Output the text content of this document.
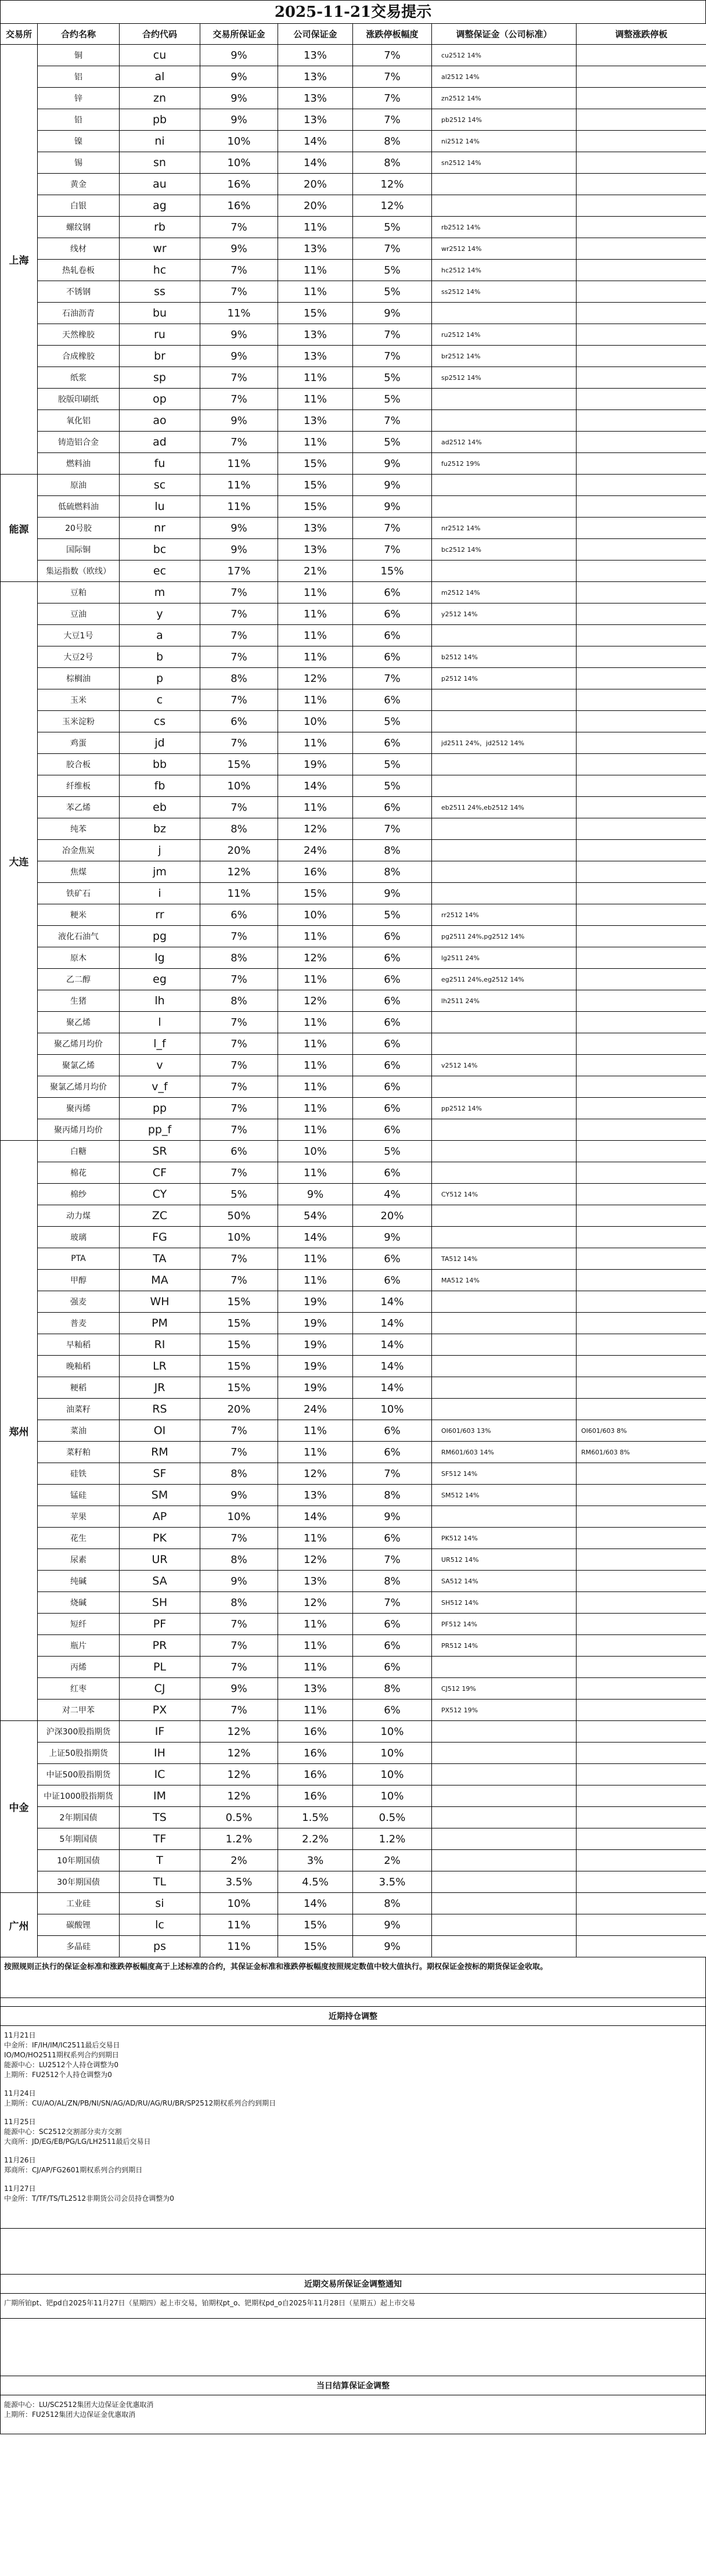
2025-11-21交易提示
交易所	合约名称	合约代码	交易所保证金	公司保证金	涨跌停板幅度	调整保证金（公司标准）	调整涨跌停板
上海	铜	cu	9%	13%	7%	cu2512 14%	
	铝	al	9%	13%	7%	al2512 14%	
	锌	zn	9%	13%	7%	zn2512 14%	
	铅	pb	9%	13%	7%	pb2512 14%	
	镍	ni	10%	14%	8%	ni2512 14%	
	锡	sn	10%	14%	8%	sn2512 14%	
	黄金	au	16%	20%	12%		
	白银	ag	16%	20%	12%		
	螺纹钢	rb	7%	11%	5%	rb2512 14%	
	线材	wr	9%	13%	7%	wr2512 14%	
	热轧卷板	hc	7%	11%	5%	hc2512 14%	
	不锈钢	ss	7%	11%	5%	ss2512 14%	
	石油沥青	bu	11%	15%	9%		
	天然橡胶	ru	9%	13%	7%	ru2512 14%	
	合成橡胶	br	9%	13%	7%	br2512 14%	
	纸浆	sp	7%	11%	5%	sp2512 14%	
	胶版印刷纸	op	7%	11%	5%		
	氧化铝	ao	9%	13%	7%		
	铸造铝合金	ad	7%	11%	5%	ad2512 14%	
	燃料油	fu	11%	15%	9%	fu2512 19%	
能源	原油	sc	11%	15%	9%		
	低硫燃料油	lu	11%	15%	9%		
	20号胶	nr	9%	13%	7%	nr2512 14%	
	国际铜	bc	9%	13%	7%	bc2512 14%	
	集运指数（欧线）	ec	17%	21%	15%		
大连	豆粕	m	7%	11%	6%	m2512 14%	
	豆油	y	7%	11%	6%	y2512 14%	
	大豆1号	a	7%	11%	6%		
	大豆2号	b	7%	11%	6%	b2512 14%	
	棕榈油	p	8%	12%	7%	p2512 14%	
	玉米	c	7%	11%	6%		
	玉米淀粉	cs	6%	10%	5%		
	鸡蛋	jd	7%	11%	6%	jd2511 24%，jd2512 14%	
	胶合板	bb	15%	19%	5%		
	纤维板	fb	10%	14%	5%		
	苯乙烯	eb	7%	11%	6%	eb2511 24%,eb2512 14%	
	纯苯	bz	8%	12%	7%		
	冶金焦炭	j	20%	24%	8%		
	焦煤	jm	12%	16%	8%		
	铁矿石	i	11%	15%	9%		
	粳米	rr	6%	10%	5%	rr2512 14%	
	液化石油气	pg	7%	11%	6%	pg2511 24%,pg2512 14%	
	原木	lg	8%	12%	6%	lg2511 24%	
	乙二醇	eg	7%	11%	6%	eg2511 24%,eg2512 14%	
	生猪	lh	8%	12%	6%	lh2511 24%	
	聚乙烯	l	7%	11%	6%		
	聚乙烯月均价	l_f	7%	11%	6%		
	聚氯乙烯	v	7%	11%	6%	v2512 14%	
	聚氯乙烯月均价	v_f	7%	11%	6%		
	聚丙烯	pp	7%	11%	6%	pp2512 14%	
	聚丙烯月均价	pp_f	7%	11%	6%		
郑州	白糖	SR	6%	10%	5%		
	棉花	CF	7%	11%	6%		
	棉纱	CY	5%	9%	4%	CY512 14%	
	动力煤	ZC	50%	54%	20%		
	玻璃	FG	10%	14%	9%		
	PTA	TA	7%	11%	6%	TA512 14%	
	甲醇	MA	7%	11%	6%	MA512 14%	
	强麦	WH	15%	19%	14%		
	普麦	PM	15%	19%	14%		
	早籼稻	RI	15%	19%	14%		
	晚籼稻	LR	15%	19%	14%		
	粳稻	JR	15%	19%	14%		
	油菜籽	RS	20%	24%	10%		
	菜油	OI	7%	11%	6%	OI601/603 13%	OI601/603 8%
	菜籽粕	RM	7%	11%	6%	RM601/603 14%	RM601/603 8%
	硅铁	SF	8%	12%	7%	SF512 14%	
	锰硅	SM	9%	13%	8%	SM512 14%	
	苹果	AP	10%	14%	9%		
	花生	PK	7%	11%	6%	PK512 14%	
	尿素	UR	8%	12%	7%	UR512 14%	
	纯碱	SA	9%	13%	8%	SA512 14%	
	烧碱	SH	8%	12%	7%	SH512 14%	
	短纤	PF	7%	11%	6%	PF512 14%	
	瓶片	PR	7%	11%	6%	PR512 14%	
	丙烯	PL	7%	11%	6%		
	红枣	CJ	9%	13%	8%	CJ512 19%	
	对二甲苯	PX	7%	11%	6%	PX512 19%	
中金	沪深300股指期货	IF	12%	16%	10%		
	上证50股指期货	IH	12%	16%	10%		
	中证500股指期货	IC	12%	16%	10%		
	中证1000股指期货	IM	12%	16%	10%		
	2年期国债	TS	0.5%	1.5%	0.5%		
	5年期国债	TF	1.2%	2.2%	1.2%		
	10年期国债	T	2%	3%	2%		
	30年期国债	TL	3.5%	4.5%	3.5%		
广州	工业硅	si	10%	14%	8%		
	碳酸锂	lc	11%	15%	9%		
	多晶硅	ps	11%	15%	9%		
按照规则正执行的保证金标准和涨跌停板幅度高于上述标准的合约，其保证金标准和涨跌停板幅度按照规定数值中较大值执行。期权保证金按标的期货保证金收取。
近期持仓调整
11月21日
中金所：IF/IH/IM/IC2511最后交易日
IO/MO/HO2511期权系列合约到期日
能源中心：LU2512个人持仓调整为0
上期所：FU2512个人持仓调整为0
11月24日
上期所：CU/AO/AL/ZN/PB/NI/SN/AG/AD/RU/AG/RU/BR/SP2512期权系列合约到期日
11月25日
能源中心：SC2512交割部分卖方交割
大商所：JD/EG/EB/PG/LG/LH2511最后交易日
11月26日
郑商所：CJ/AP/FG2601期权系列合约到期日
11月27日
中金所：T/TF/TS/TL2512非期货公司会员持仓调整为0
近期交易所保证金调整通知
广期所铂pt、钯pd自2025年11月27日（星期四）起上市交易，铂期权pt_o、钯期权pd_o自2025年11月28日（星期五）起上市交易
当日结算保证金调整
能源中心：LU/SC2512集团大边保证金优惠取消
上期所：FU2512集团大边保证金优惠取消
